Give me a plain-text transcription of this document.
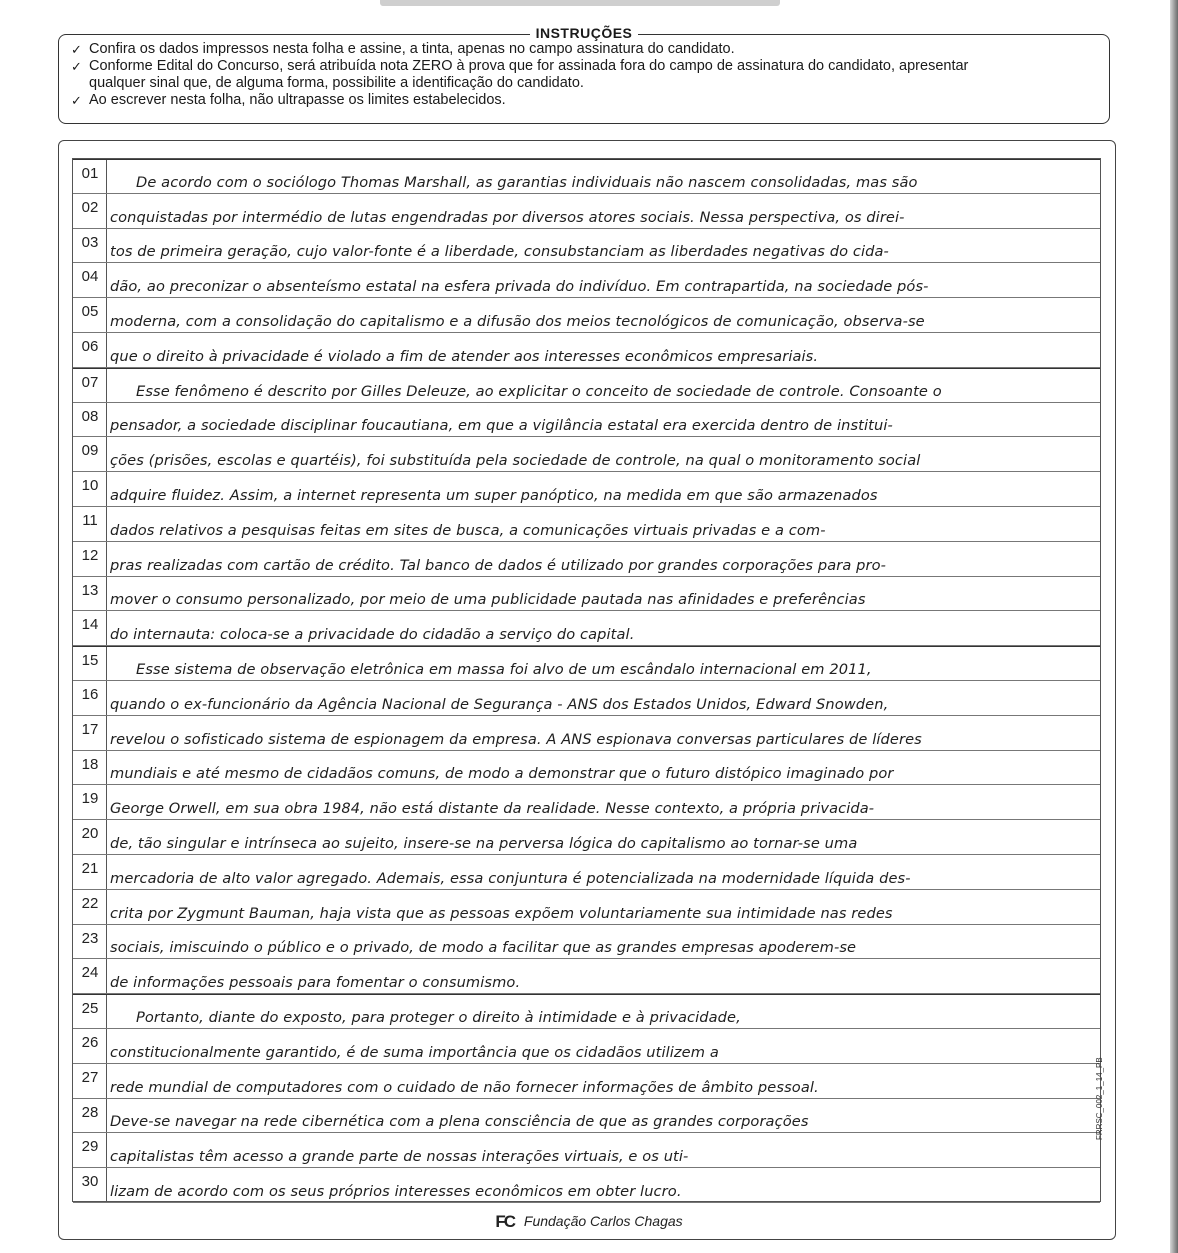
INSTRUÇÕES
✓ Confira os dados impressos nesta folha e assine, a tinta, apenas no campo assinatura do candidato.
✓ Conforme Edital do Concurso, será atribuída nota ZERO à prova que for assinada fora do campo de assinatura do candidato, apresentar
qualquer sinal que, de alguma forma, possibilite a identificação do candidato.
✓ Ao escrever nesta folha, não ultrapasse os limites estabelecidos.
01
De acordo com o sociólogo Thomas Marshall, as garantias individuais não nascem consolidadas, mas são
02
conquistadas por intermédio de lutas engendradas por diversos atores sociais. Nessa perspectiva, os direi-
03
tos de primeira geração, cujo valor-fonte é a liberdade, consubstanciam as liberdades negativas do cida-
04
dão, ao preconizar o absenteísmo estatal na esfera privada do indivíduo. Em contrapartida, na sociedade pós-
05
moderna, com a consolidação do capitalismo e a difusão dos meios tecnológicos de comunicação, observa-se
06
que o direito à privacidade é violado a fim de atender aos interesses econômicos empresariais.
07
Esse fenômeno é descrito por Gilles Deleuze, ao explicitar o conceito de sociedade de controle. Consoante o
08
pensador, a sociedade disciplinar foucautiana, em que a vigilância estatal era exercida dentro de institui-
09
ções (prisões, escolas e quartéis), foi substituída pela sociedade de controle, na qual o monitoramento social
10
adquire fluidez. Assim, a internet representa um super panóptico, na medida em que são armazenados
11
dados relativos a pesquisas feitas em sites de busca, a comunicações virtuais privadas e a com-
12
pras realizadas com cartão de crédito. Tal banco de dados é utilizado por grandes corporações para pro-
13
mover o consumo personalizado, por meio de uma publicidade pautada nas afinidades e preferências
14
do internauta: coloca-se a privacidade do cidadão a serviço do capital.
15
Esse sistema de observação eletrônica em massa foi alvo de um escândalo internacional em 2011,
16
quando o ex-funcionário da Agência Nacional de Segurança - ANS dos Estados Unidos, Edward Snowden,
17
revelou o sofisticado sistema de espionagem da empresa. A ANS espionava conversas particulares de líderes
18
mundiais e até mesmo de cidadãos comuns, de modo a demonstrar que o futuro distópico imaginado por
19
George Orwell, em sua obra 1984, não está distante da realidade. Nesse contexto, a própria privacida-
20
de, tão singular e intrínseca ao sujeito, insere-se na perversa lógica do capitalismo ao tornar-se uma
21
mercadoria de alto valor agregado. Ademais, essa conjuntura é potencializada na modernidade líquida des-
22
crita por Zygmunt Bauman, haja vista que as pessoas expõem voluntariamente sua intimidade nas redes
23
sociais, imiscuindo o público e o privado, de modo a facilitar que as grandes empresas apoderem-se
24
de informações pessoais para fomentar o consumismo.
25
Portanto, diante do exposto, para proteger o direito à intimidade e à privacidade,
26
constitucionalmente garantido, é de suma importância que os cidadãos utilizem a
27
rede mundial de computadores com o cuidado de não fornecer informações de âmbito pessoal.
28
Deve-se navegar na rede cibernética com a plena consciência de que as grandes corporações
29
capitalistas têm acesso a grande parte de nossas interações virtuais, e os uti-
30
lizam de acordo com os seus próprios interesses econômicos em obter lucro.
FRRSC_002_1_14_PB
FC Fundação Carlos Chagas
